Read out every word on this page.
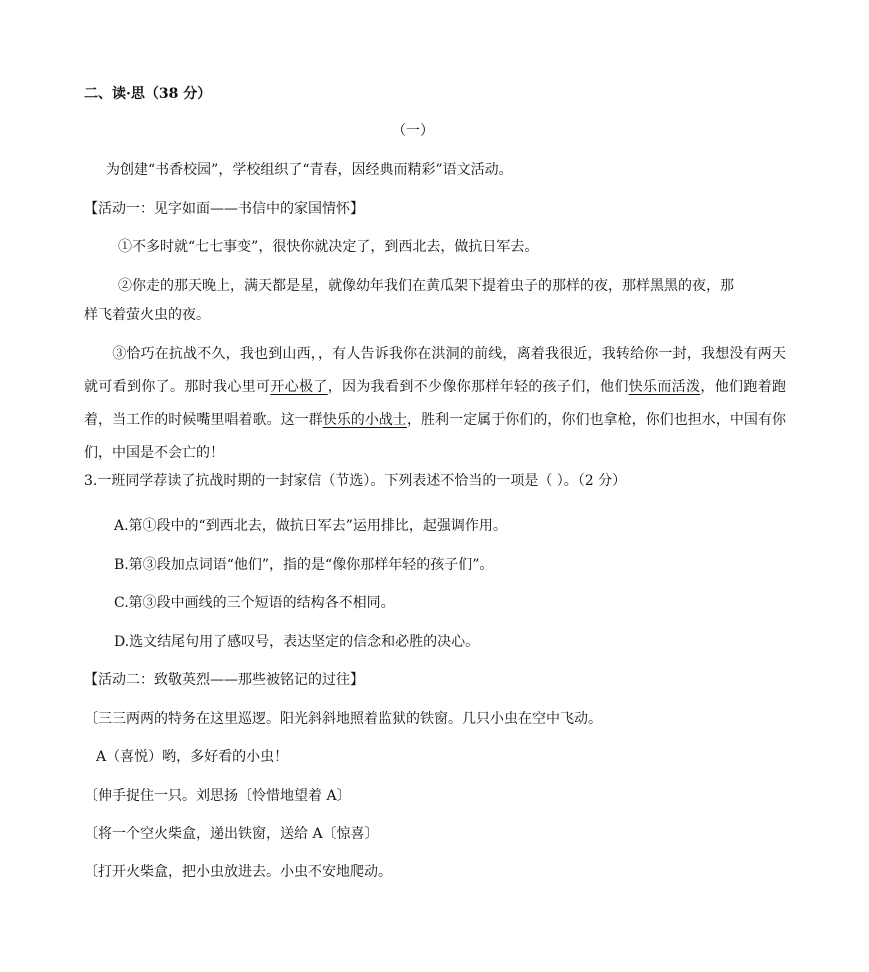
二、读·思（38 分）
（一）
为创建“书香校园”，学校组织了“青春，因经典而精彩”语文活动。
【活动一：见字如面——书信中的家国情怀】
①不多时就“七七事变”，很快你就决定了，到西北去，做抗日军去。
②你走的那天晚上，满天都是星，就像幼年我们在黄瓜架下提着虫子的那样的夜，那样黑黑的夜，那
样飞着萤火虫的夜。
③恰巧在抗战不久，我也到山西，，有人告诉我你在洪洞的前线，离着我很近，我转给你一封，我想没有两天就可看到你了。那时我心里可开心极了，因为我看到不少像你那样年轻的孩子们，他们快乐而活泼，他们跑着跑着，当工作的时候嘴里唱着歌。这一群快乐的小战士，胜利一定属于你们的，你们也拿枪，你们也担水，中国有你们，中国是不会亡的！
3.一班同学荐读了抗战时期的一封家信（节选）。下列表述不恰当的一项是（ ）。（2 分）
A.第①段中的“到西北去，做抗日军去”运用排比，起强调作用。
B.第③段加点词语“他们”，指的是“像你那样年轻的孩子们”。
C.第③段中画线的三个短语的结构各不相同。
D.选文结尾句用了感叹号，表达坚定的信念和必胜的决心。
【活动二：致敬英烈——那些被铭记的过往】
〔三三两两的特务在这里巡逻。阳光斜斜地照着监狱的铁窗。几只小虫在空中飞动。
A（喜悦）哟，多好看的小虫！
〔伸手捉住一只。刘思扬〔怜惜地望着 A〕
〔将一个空火柴盒，递出铁窗，送给 A〔惊喜〕
〔打开火柴盒，把小虫放进去。小虫不安地爬动。
